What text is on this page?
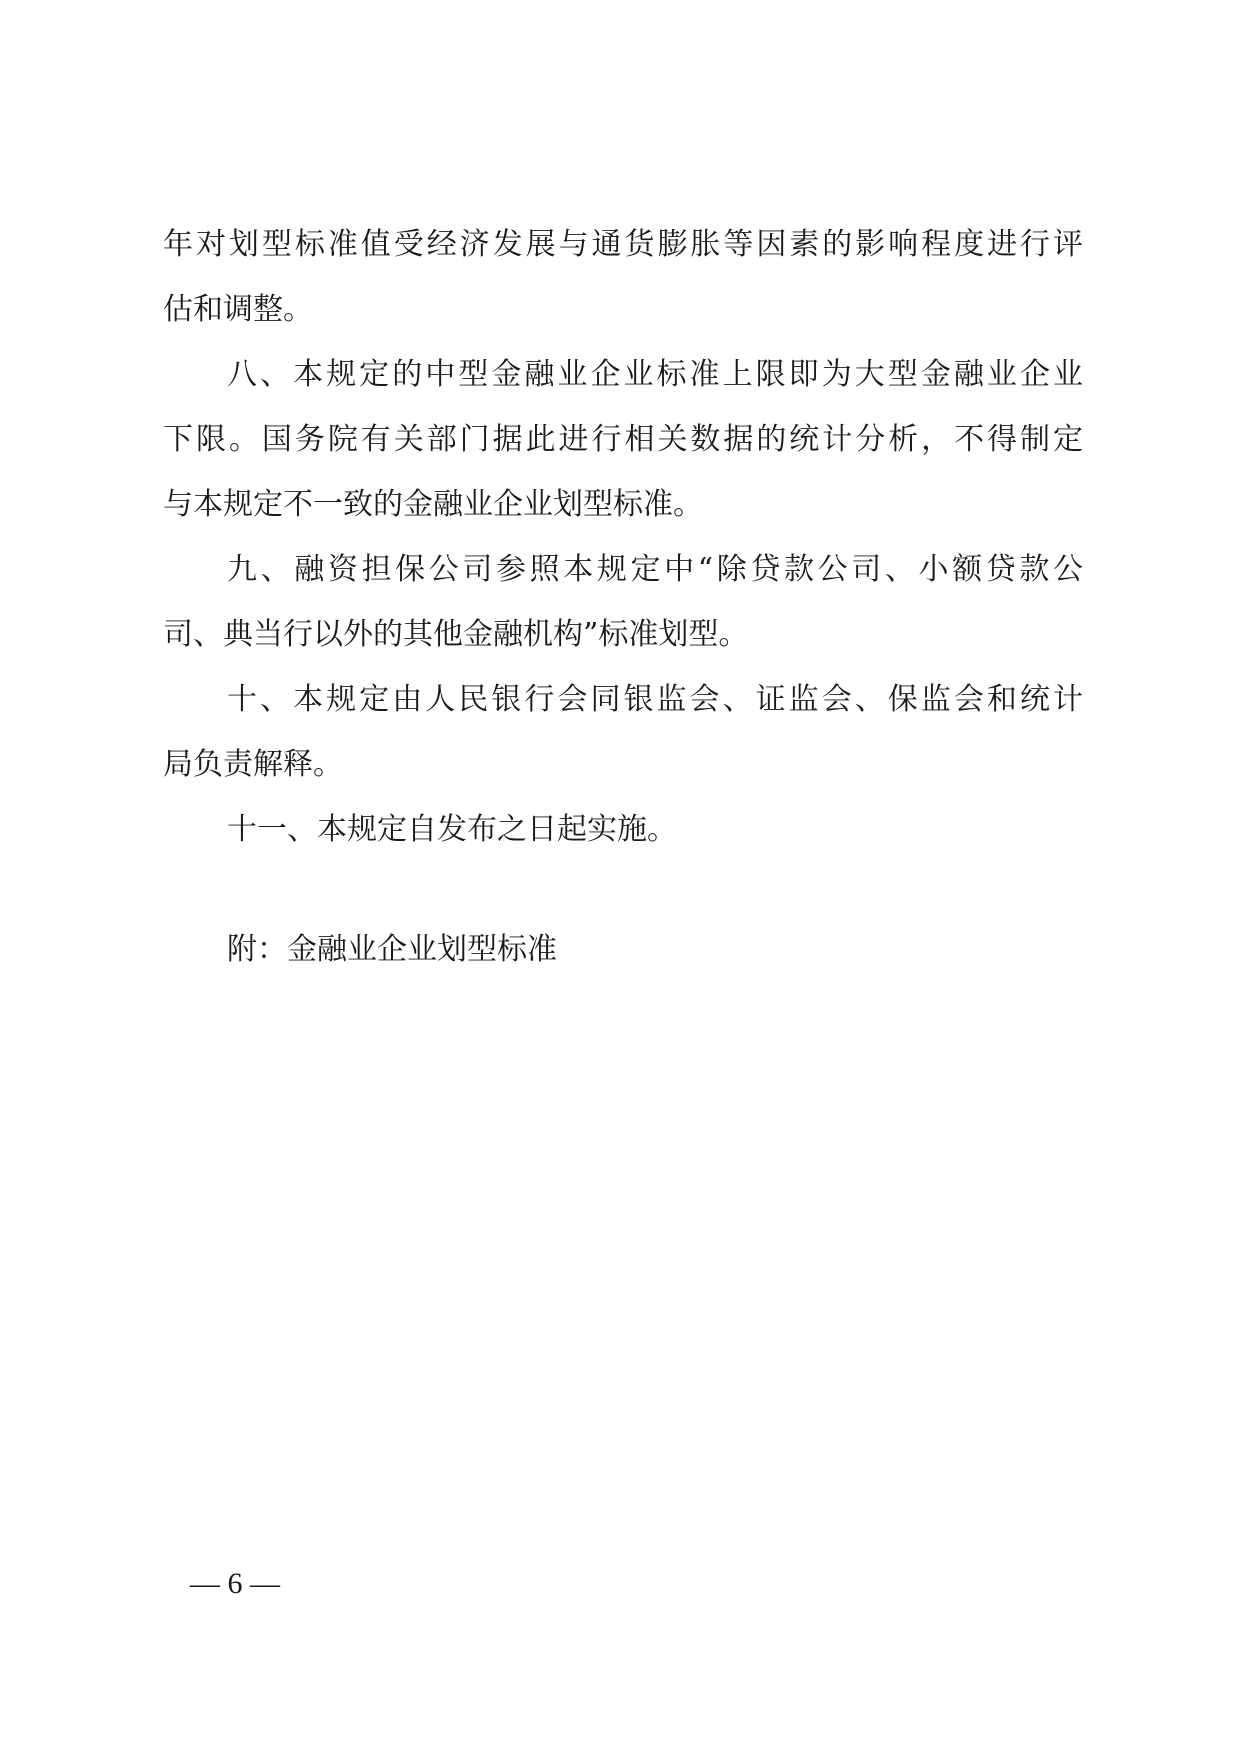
年对划型标准值受经济发展与通货膨胀等因素的影响程度进行评
估和调整。
八、本规定的中型金融业企业标准上限即为大型金融业企业
下限。国务院有关部门据此进行相关数据的统计分析，不得制定
与本规定不一致的金融业企业划型标准。
九、融资担保公司参照本规定中“除贷款公司、小额贷款公
司、典当行以外的其他金融机构”标准划型。
十、本规定由人民银行会同银监会、证监会、保监会和统计
局负责解释。
十一、本规定自发布之日起实施。
附：金融业企业划型标准
— 6 —
